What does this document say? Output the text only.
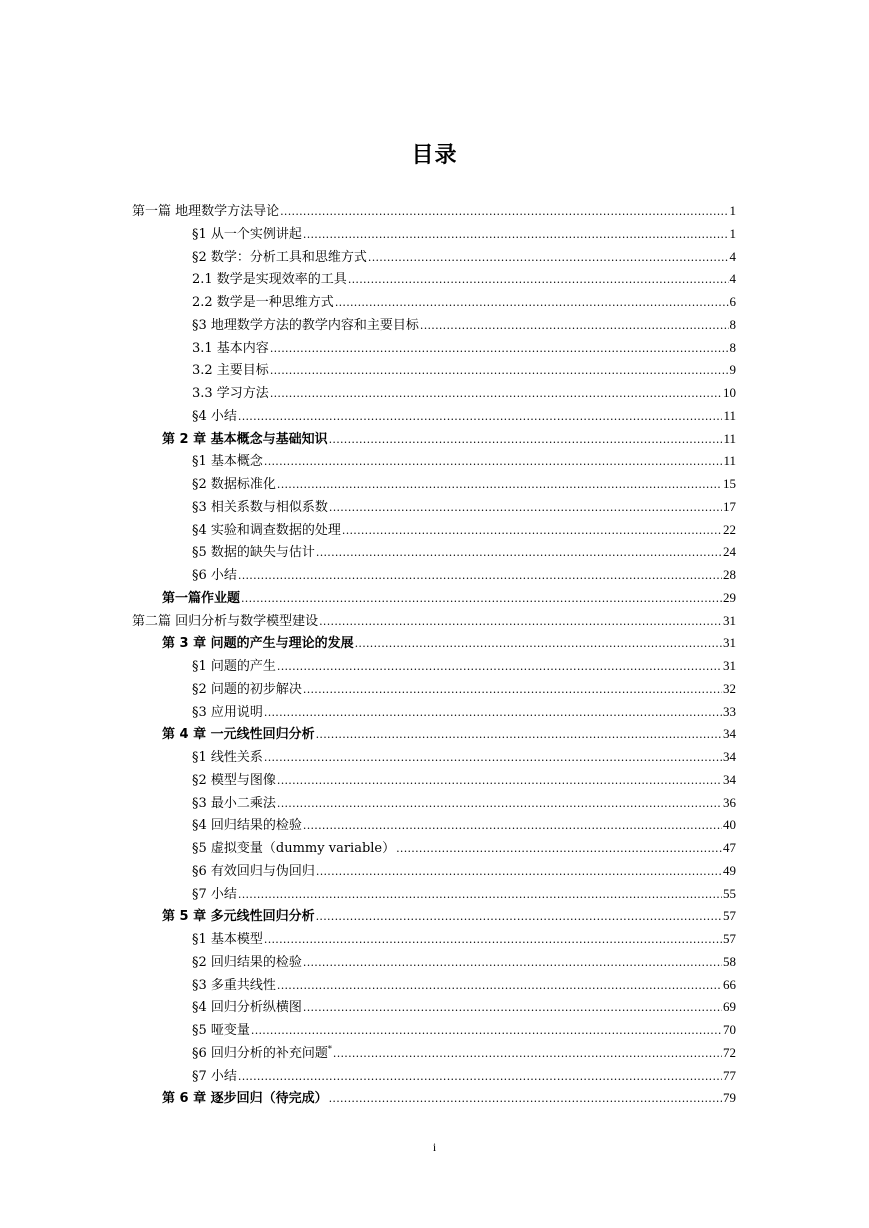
目录
第一篇 地理数学方法导论 .....	1
§1 从一个实例讲起 .....	1
§2 数学：分析工具和思维方式 .....	4
2.1 数学是实现效率的工具 .....	4
2.2 数学是一种思维方式 .....	6
§3 地理数学方法的教学内容和主要目标 .....	8
3.1 基本内容 .....	8
3.2 主要目标 .....	9
3.3 学习方法 .....	10
§4 小结 .....	11
第 2 章 基本概念与基础知识 .....	11
§1 基本概念 .....	11
§2 数据标准化 .....	15
§3 相关系数与相似系数 .....	17
§4 实验和调查数据的处理 .....	22
§5 数据的缺失与估计 .....	24
§6 小结 .....	28
第一篇作业题 .....	29
第二篇 回归分析与数学模型建设 .....	31
第 3 章 问题的产生与理论的发展 .....	31
§1 问题的产生 .....	31
§2 问题的初步解决 .....	32
§3 应用说明 .....	33
第 4 章 一元线性回归分析 .....	34
§1 线性关系 .....	34
§2 模型与图像 .....	34
§3 最小二乘法 .....	36
§4 回归结果的检验 .....	40
§5 虚拟变量（dummy variable） .....	47
§6 有效回归与伪回归 .....	49
§7 小结 .....	55
第 5 章 多元线性回归分析 .....	57
§1 基本模型 .....	57
§2 回归结果的检验 .....	58
§3 多重共线性 .....	66
§4 回归分析纵横图 .....	69
§5 哑变量 .....	70
§6 回归分析的补充问题* .....	72
§7 小结 .....	77
第 6 章 逐步回归（待完成） .....	79
i
